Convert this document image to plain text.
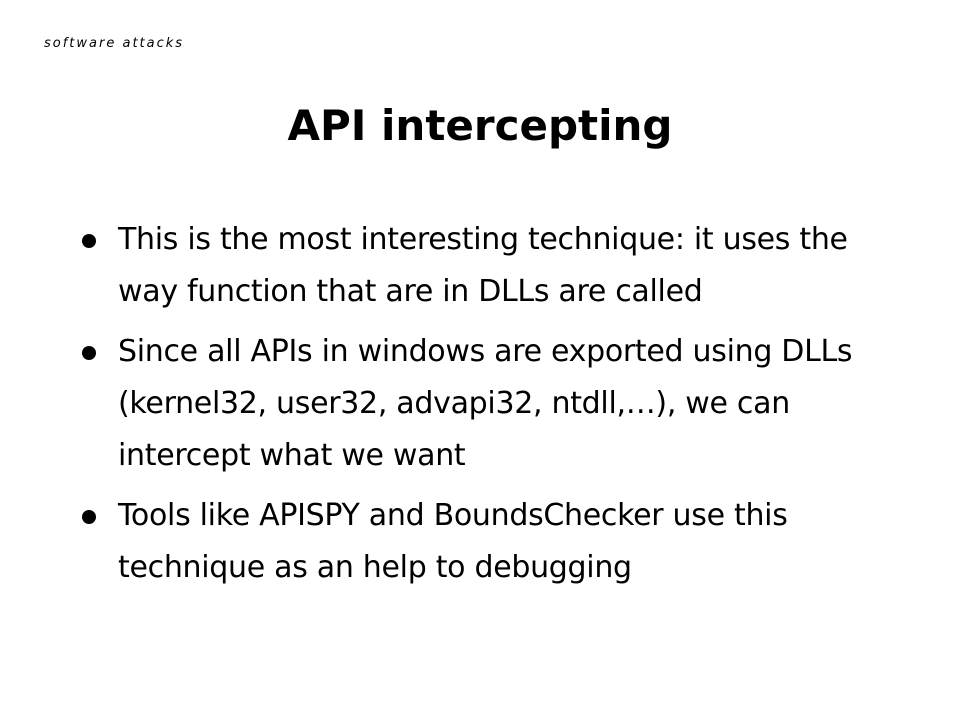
software attacks
API intercepting
This is the most interesting technique: it uses the way function that are in DLLs are called
Since all APIs in windows are exported using DLLs (kernel32, user32, advapi32, ntdll,…), we can intercept what we want
Tools like APISPY and BoundsChecker use this technique as an help to debugging
